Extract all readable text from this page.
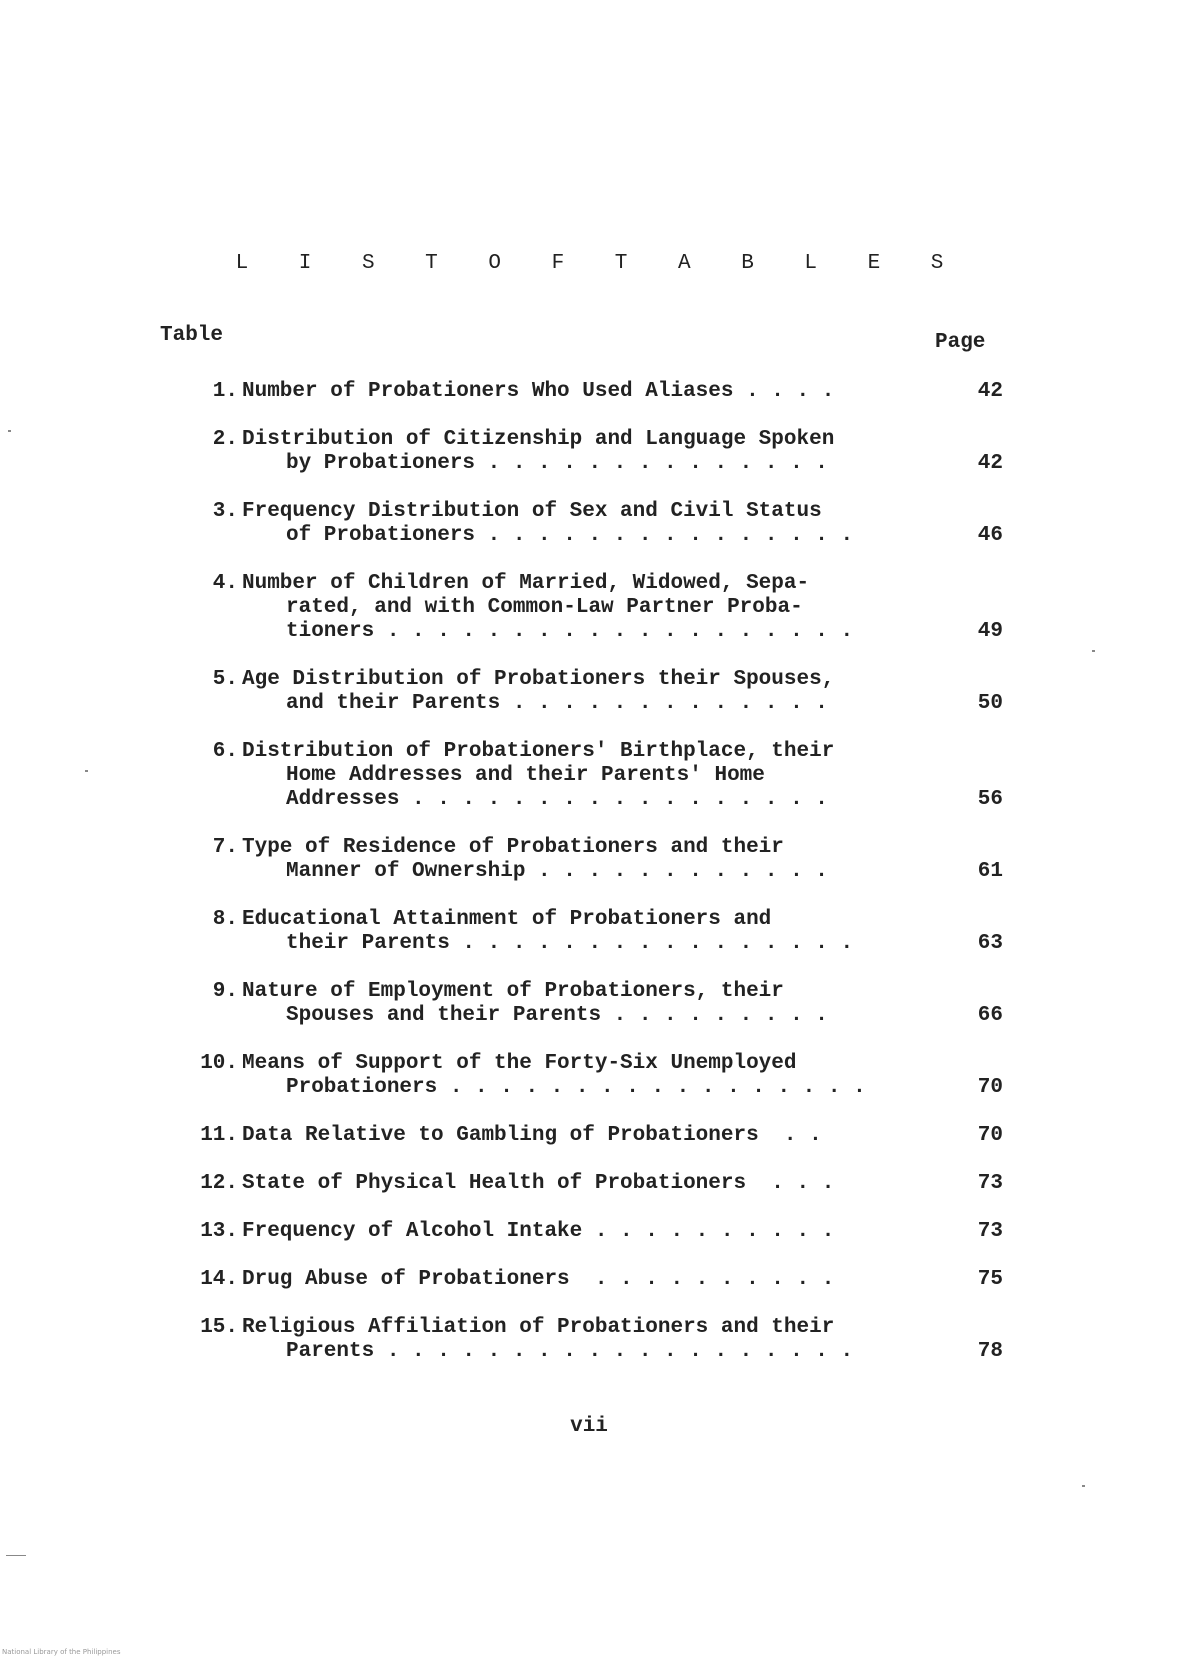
L I S T O F T A B L E S
Table	Page
1. Number of Probationers Who Used Aliases . . . .	42
2. Distribution of Citizenship and Language Spoken
by Probationers . . . . . . . . . . . . . .	42
3. Frequency Distribution of Sex and Civil Status
of Probationers . . . . . . . . . . . . . . .	46
4. Number of Children of Married, Widowed, Sepa-
rated, and with Common-Law Partner Proba-
tioners . . . . . . . . . . . . . . . . . . .	49
5. Age Distribution of Probationers their Spouses,
and their Parents . . . . . . . . . . . . .	50
6. Distribution of Probationers' Birthplace, their
Home Addresses and their Parents' Home
Addresses . . . . . . . . . . . . . . . . .	56
7. Type of Residence of Probationers and their
Manner of Ownership . . . . . . . . . . . .	61
8. Educational Attainment of Probationers and
their Parents . . . . . . . . . . . . . . . .	63
9. Nature of Employment of Probationers, their
Spouses and their Parents . . . . . . . . .	66
10. Means of Support of the Forty-Six Unemployed
Probationers . . . . . . . . . . . . . . . . .	70
11. Data Relative to Gambling of Probationers  . .	70
12. State of Physical Health of Probationers  . . .	73
13. Frequency of Alcohol Intake . . . . . . . . . .	73
14. Drug Abuse of Probationers  . . . . . . . . . .	75
15. Religious Affiliation of Probationers and their
Parents . . . . . . . . . . . . . . . . . . .	78
vii
National Library of the Philippines
